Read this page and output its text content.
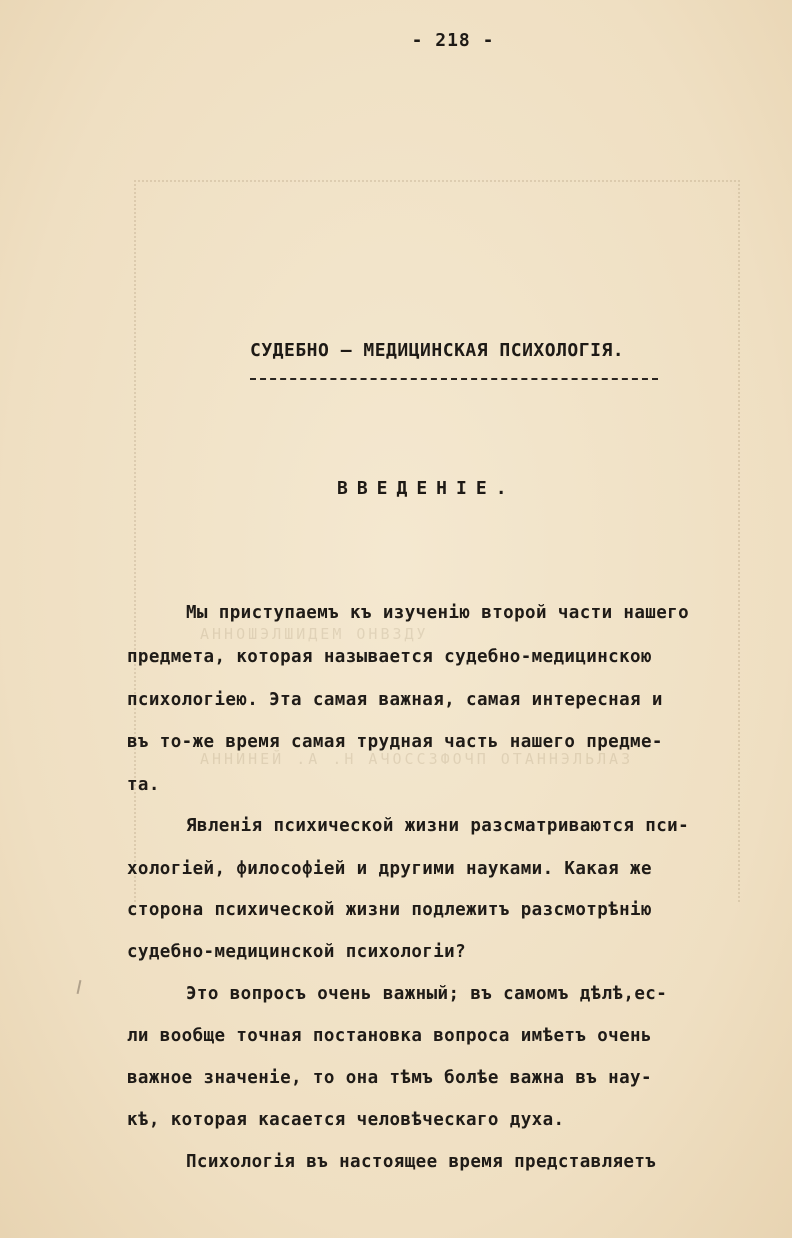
АННОШЭЛШИДЕМ ОНВЗДУ
АННИНЕЙ .А .Н АЧОССЗФОЧП ОТАННЭЛЬЛАЗ
- 218 -
СУДЕБНО – МЕДИЦИНСКАЯ ПСИХОЛОГІЯ.
ВВЕДЕНІЕ.
Мы приступаемъ къ изученію второй части нашего
предмета, которая называется судебно-медицинскою
психологіею. Эта самая важная, самая интересная и
въ то-же время самая трудная часть нашего предме-
та.
Явленія психической жизни разсматриваются пси-
хологіей, философіей и другими науками. Какая же
сторона психической жизни подлежитъ разсмотрѣнію
судебно-медицинской психологіи?
Это вопросъ очень важный; въ самомъ дѣлѣ,ес-
ли вообще точная постановка вопроса имѣетъ очень
важное значеніе, то она тѣмъ болѣе важна въ нау-
кѣ, которая касается человѣческаго духа.
Психологія въ настоящее время представляетъ
